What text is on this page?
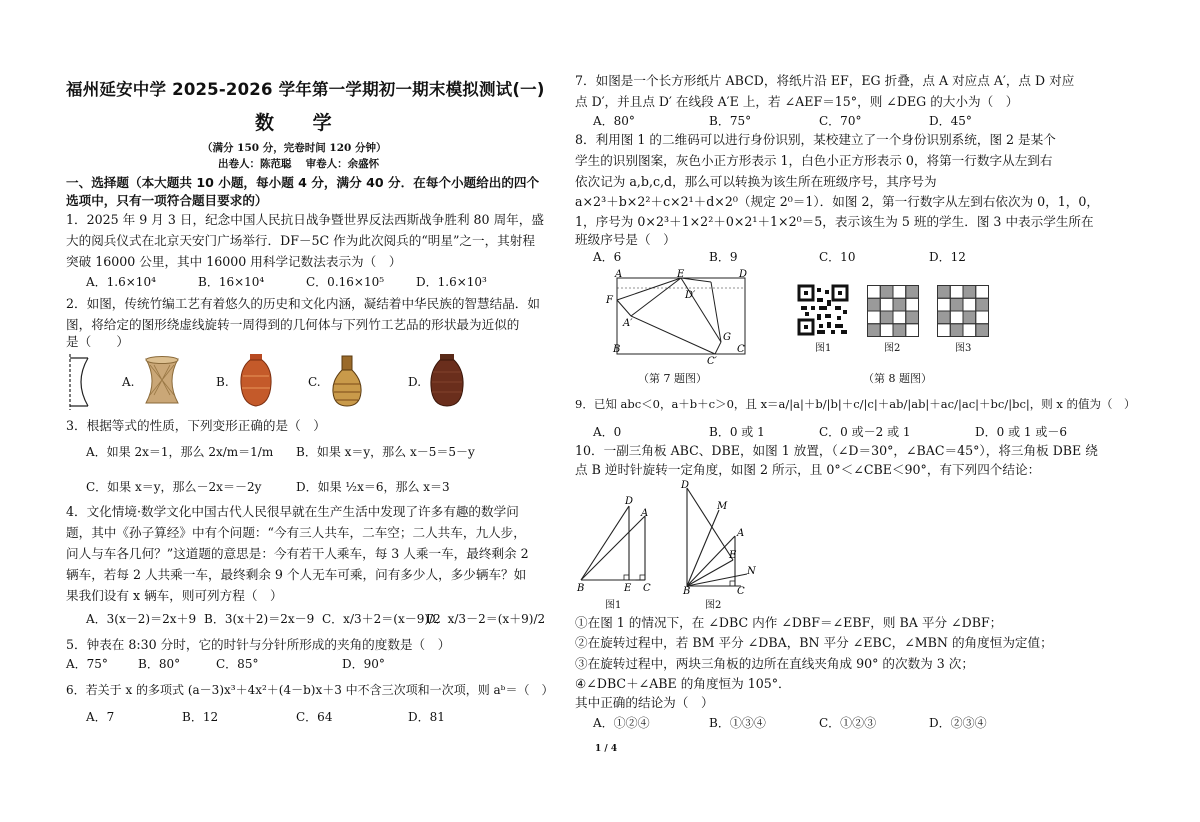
福州延安中学 2025-2026 学年第一学期初一期末模拟测试(一)
数 学
（满分 150 分，完卷时间 120 分钟）
出卷人：陈范聪　 审卷人：余盛怀
一、选择题（本大题共 10 小题，每小题 4 分，满分 40 分．在每个小题给出的四个
选项中，只有一项符合题目要求的）
1．2025 年 9 月 3 日，纪念中国人民抗日战争暨世界反法西斯战争胜利 80 周年，盛
大的阅兵仪式在北京天安门广场举行．DF－5C 作为此次阅兵的“明星”之一，其射程
突破 16000 公里，其中 16000 用科学记数法表示为（　）
A．1.6×10⁴	B．16×10⁴	C．0.16×10⁵	D．1.6×10³
2．如图，传统竹编工艺有着悠久的历史和文化内涵，凝结着中华民族的智慧结晶．如
图，将给定的图形绕虚线旋转一周得到的几何体与下列竹工艺品的形状最为近似的
是（　　）
A.	B.	C.	D.
3．根据等式的性质，下列变形正确的是（　）
A．如果 2x＝1，那么 2x/m＝1/m B．如果 x＝y，那么 x－5＝5－y
C．如果 x＝y，那么－2x＝－2y	D．如果 ½x＝6，那么 x＝3
4．文化情境·数学文化中国古代人民很早就在生产生活中发现了许多有趣的数学问
题，其中《孙子算经》中有个问题：“今有三人共车，二车空；二人共车，九人步，
问人与车各几何？”这道题的意思是：今有若干人乘车，每 3 人乘一车，最终剩余 2
辆车，若每 2 人共乘一车，最终剩余 9 个人无车可乘，问有多少人，多少辆车？如
果我们设有 x 辆车，则可列方程（　）
A．3(x－2)＝2x＋9 B．3(x＋2)＝2x－9 C．x/3＋2＝(x－9)/2
D．x/3－2＝(x＋9)/2
5．钟表在 8:30 分时，它的时针与分针所形成的夹角的度数是（　）
A．75°	B．80°	C．85°	D．90°
6．若关于 x 的多项式 (a－3)x³＋4x²＋(4－b)x＋3 中不含三次项和一次项，则 aᵇ＝（　）
A．7	B．12	C．64	D．81
7．如图是一个长方形纸片 ABCD，将纸片沿 EF，EG 折叠，点 A 对应点 A′，点 D 对应
点 D′，并且点 D′ 在线段 A′E 上，若 ∠AEF＝15°，则 ∠DEG 的大小为（　）
A．80°	B．75°	C．70°	D．45°
8．利用图 1 的二维码可以进行身份识别，某校建立了一个身份识别系统，图 2 是某个
学生的识别图案，灰色小正方形表示 1，白色小正方形表示 0，将第一行数字从左到右
依次记为 a,b,c,d，那么可以转换为该生所在班级序号，其序号为
a×2³＋b×2²＋c×2¹＋d×2⁰（规定 2⁰＝1）．如图 2，第一行数字从左到右依次为 0，1，0，
1，序号为 0×2³＋1×2²＋0×2¹＋1×2⁰＝5，表示该生为 5 班的学生．图 3 中表示学生所在
班级序号是（　）
A．6	B．9	C．10	D．12
A	E	D
F
A′
D′
G
B
C′
C
（第 7 题图）
图1	图2	图3
（第 8 题图）
9．已知 abc＜0，a＋b＋c＞0，且 x＝a/|a|＋b/|b|＋c/|c|＋ab/|ab|＋ac/|ac|＋bc/|bc|，则 x 的值为（　）
A．0	B．0 或 1	C．0 或－2 或 1	D．0 或 1 或－6
10．一副三角板 ABC、DBE，如图 1 放置，（∠D＝30°，∠BAC＝45°），将三角板 DBE 绕
点 B 逆时针旋转一定角度，如图 2 所示，且 0°＜∠CBE＜90°，有下列四个结论：
D
A
B	E C
图1
D
M
A
E
N
B	C
图2
①在图 1 的情况下，在 ∠DBC 内作 ∠DBF＝∠EBF，则 BA 平分 ∠DBF；
②在旋转过程中，若 BM 平分 ∠DBA，BN 平分 ∠EBC，∠MBN 的角度恒为定值；
③在旋转过程中，两块三角板的边所在直线夹角成 90° 的次数为 3 次；
④∠DBC＋∠ABE 的角度恒为 105°．
其中正确的结论为（　）
A．①②④	B．①③④	C．①②③	D．②③④
1 / 4
